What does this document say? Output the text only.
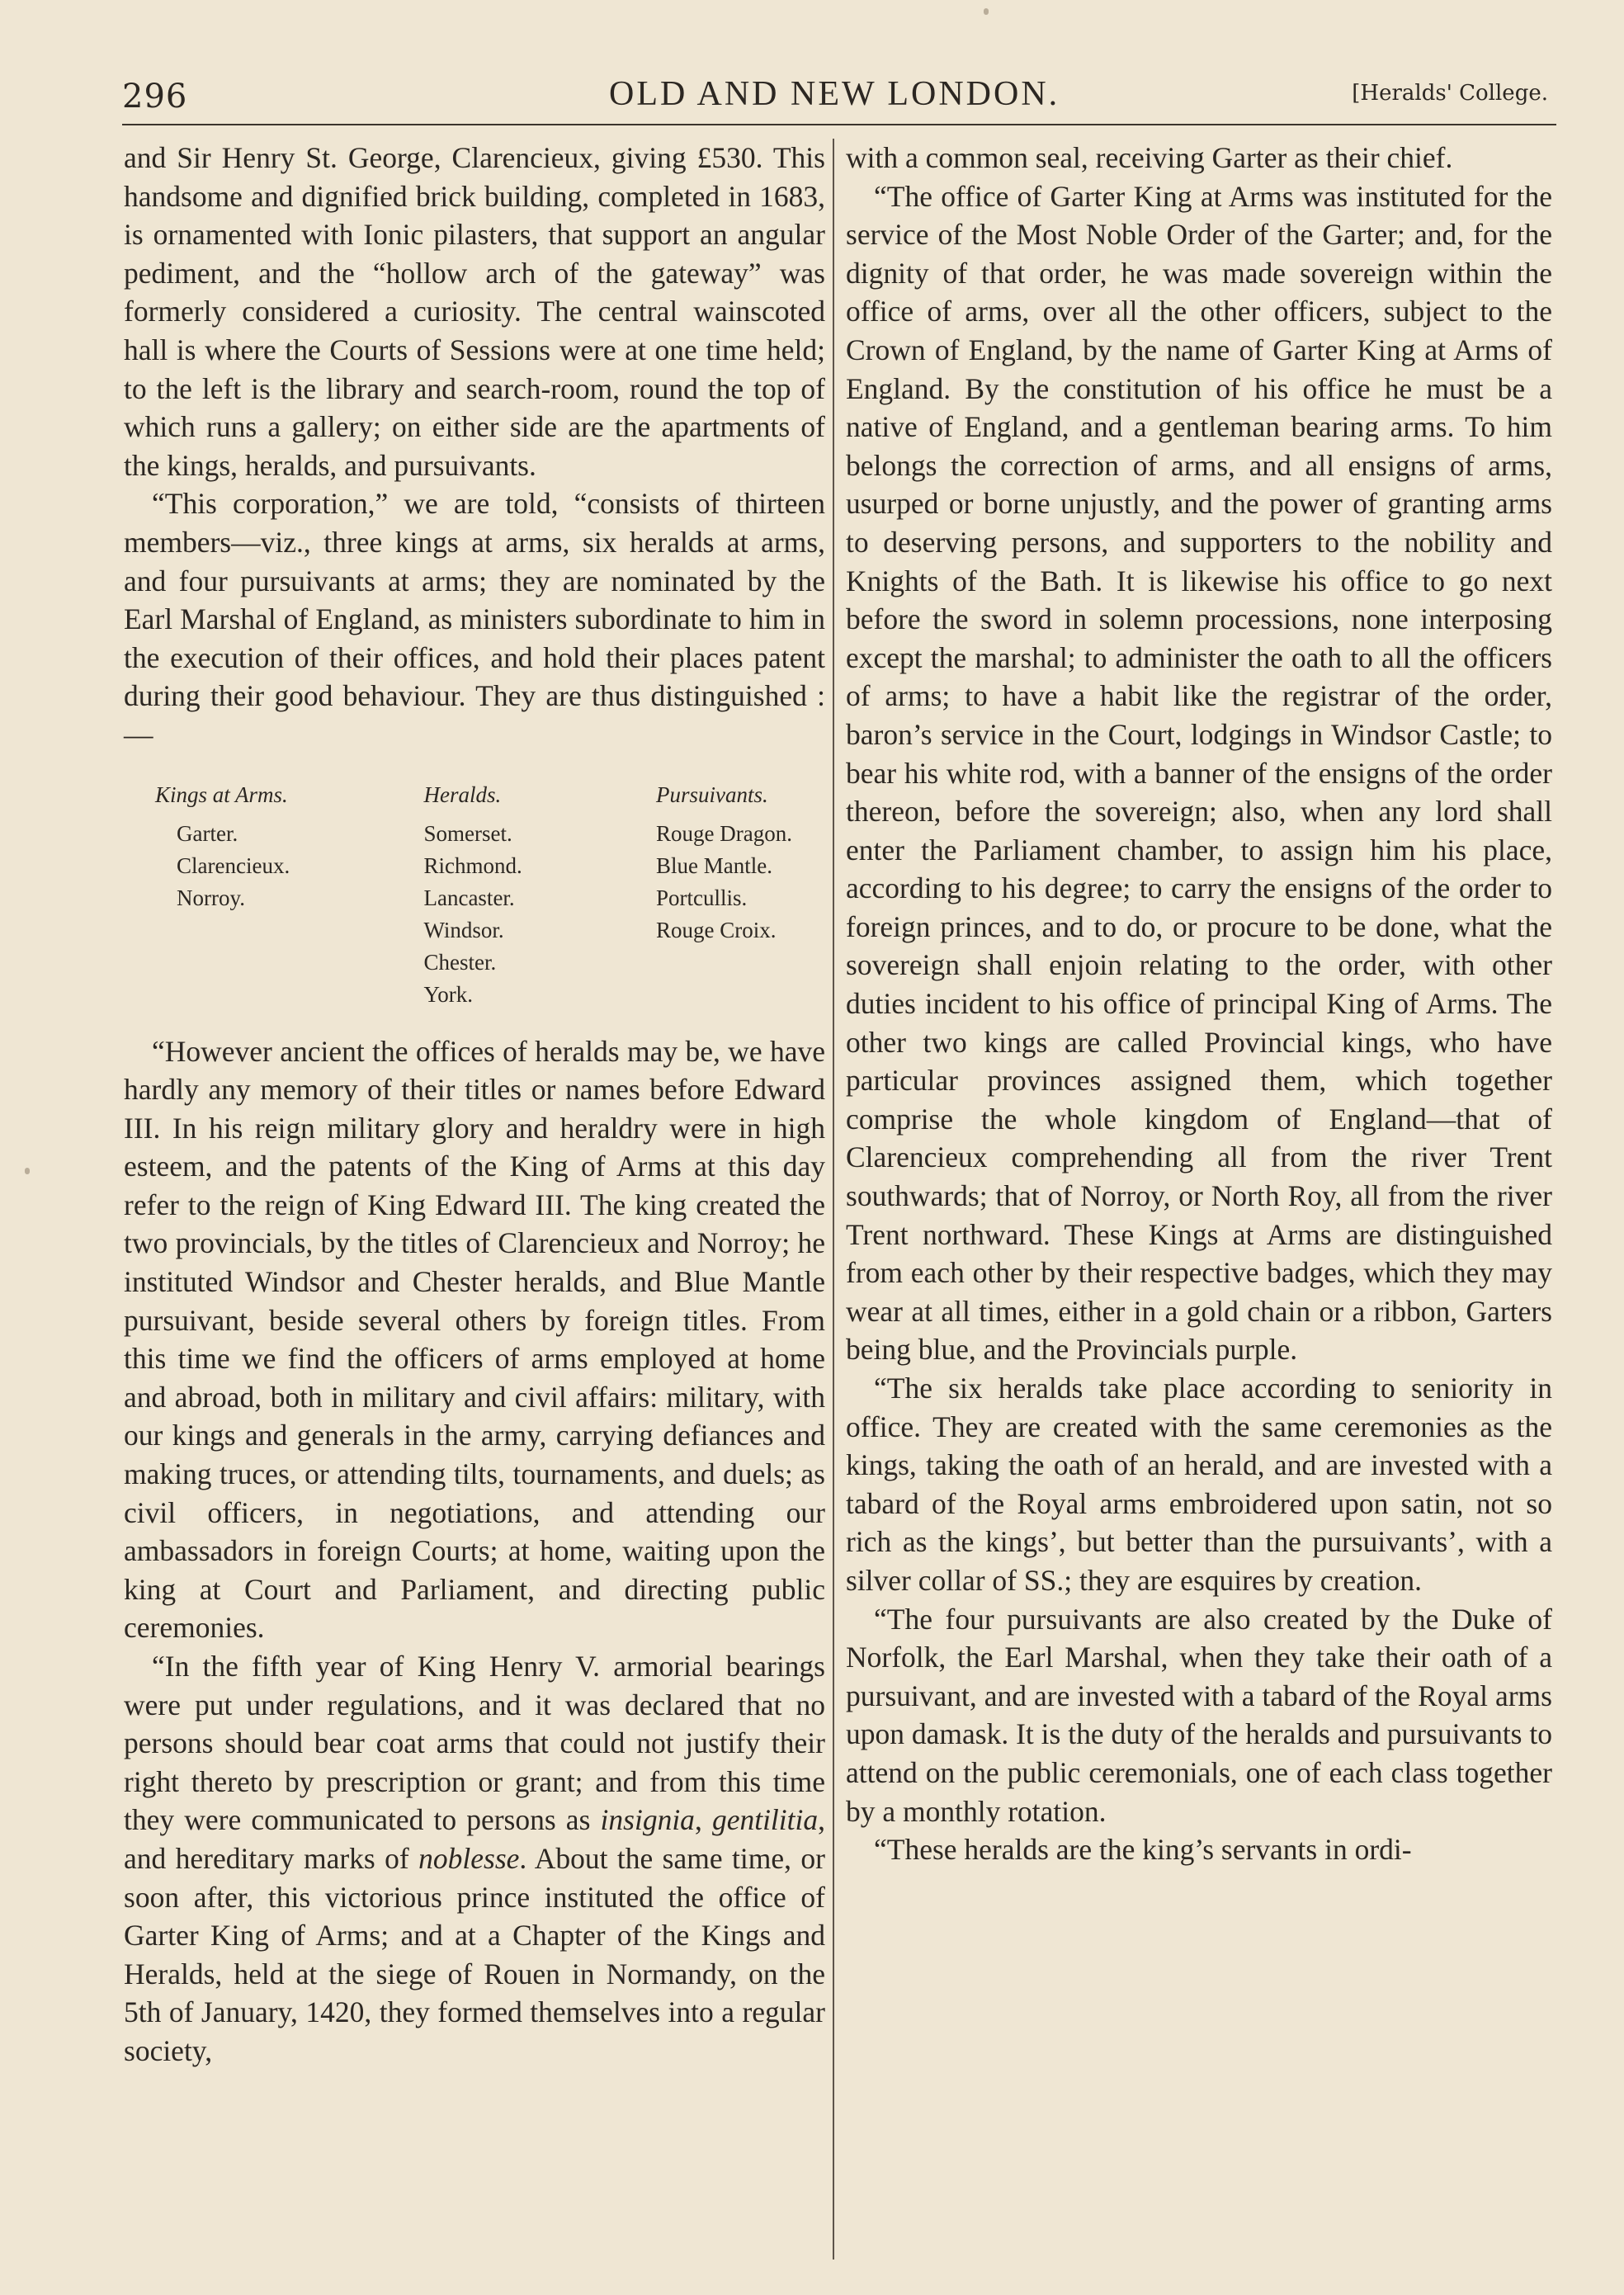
296	OLD AND NEW LONDON.	[Heralds' College.

and Sir Henry St. George, Clarencieux, giving £530. This handsome and dignified brick building, completed in 1683, is ornamented with Ionic pilasters, that support an angular pediment, and the “hollow arch of the gateway” was formerly considered a curiosity. The central wainscoted hall is where the Courts of Sessions were at one time held; to the left is the library and search-room, round the top of which runs a gallery; on either side are the apartments of the kings, heralds, and pursuivants.

“This corporation,” we are told, “consists of thirteen members—viz., three kings at arms, six heralds at arms, and four pursuivants at arms; they are nominated by the Earl Marshal of England, as ministers subordinate to him in the execution of their offices, and hold their places patent during their good behaviour. They are thus distinguished :—

Kings at Arms.
Garter.
Clarencieux.
Norroy.
Heralds.
Somerset.
Richmond.
Lancaster.
Windsor.
Chester.
York.
Pursuivants.
Rouge Dragon.
Blue Mantle.
Portcullis.
Rouge Croix.

“However ancient the offices of heralds may be, we have hardly any memory of their titles or names before Edward III. In his reign military glory and heraldry were in high esteem, and the patents of the King of Arms at this day refer to the reign of King Edward III. The king created the two provincials, by the titles of Clarencieux and Norroy; he instituted Windsor and Chester heralds, and Blue Mantle pursuivant, beside several others by foreign titles. From this time we find the officers of arms employed at home and abroad, both in military and civil affairs: military, with our kings and generals in the army, carrying defiances and making truces, or attending tilts, tournaments, and duels; as civil officers, in negotiations, and attending our ambassadors in foreign Courts; at home, waiting upon the king at Court and Parliament, and directing public ceremonies.

“In the fifth year of King Henry V. armorial bearings were put under regulations, and it was declared that no persons should bear coat arms that could not justify their right thereto by prescription or grant; and from this time they were communicated to persons as insignia, gentilitia, and hereditary marks of noblesse. About the same time, or soon after, this victorious prince instituted the office of Garter King of Arms; and at a Chapter of the Kings and Heralds, held at the siege of Rouen in Normandy, on the 5th of January, 1420, they formed themselves into a regular society,

with a common seal, receiving Garter as their chief.

“The office of Garter King at Arms was instituted for the service of the Most Noble Order of the Garter; and, for the dignity of that order, he was made sovereign within the office of arms, over all the other officers, subject to the Crown of England, by the name of Garter King at Arms of England. By the constitution of his office he must be a native of England, and a gentleman bearing arms. To him belongs the correction of arms, and all ensigns of arms, usurped or borne unjustly, and the power of granting arms to deserving persons, and supporters to the nobility and Knights of the Bath. It is likewise his office to go next before the sword in solemn processions, none interposing except the marshal; to administer the oath to all the officers of arms; to have a habit like the registrar of the order, baron’s service in the Court, lodgings in Windsor Castle; to bear his white rod, with a banner of the ensigns of the order thereon, before the sovereign; also, when any lord shall enter the Parliament chamber, to assign him his place, according to his degree; to carry the ensigns of the order to foreign princes, and to do, or procure to be done, what the sovereign shall enjoin relating to the order, with other duties incident to his office of principal King of Arms. The other two kings are called Provincial kings, who have particular provinces assigned them, which together comprise the whole kingdom of England—that of Clarencieux comprehending all from the river Trent southwards; that of Norroy, or North Roy, all from the river Trent northward. These Kings at Arms are distinguished from each other by their respective badges, which they may wear at all times, either in a gold chain or a ribbon, Garters being blue, and the Provincials purple.

“The six heralds take place according to seniority in office. They are created with the same ceremonies as the kings, taking the oath of an herald, and are invested with a tabard of the Royal arms embroidered upon satin, not so rich as the kings’, but better than the pursuivants’, with a silver collar of SS.; they are esquires by creation.

“The four pursuivants are also created by the Duke of Norfolk, the Earl Marshal, when they take their oath of a pursuivant, and are invested with a tabard of the Royal arms upon damask. It is the duty of the heralds and pursuivants to attend on the public ceremonials, one of each class together by a monthly rotation.

“These heralds are the king’s servants in ordi-
